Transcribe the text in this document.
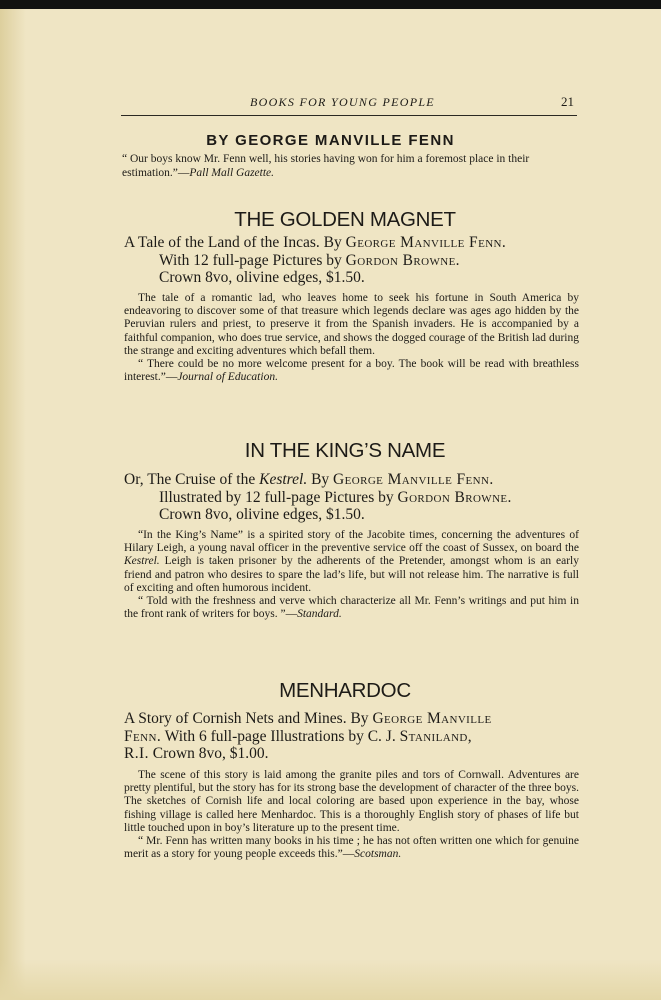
BOOKS FOR YOUNG PEOPLE	21
BY GEORGE MANVILLE FENN
“ Our boys know Mr. Fenn well, his stories having won for him a foremost place in their estimation.”—Pall Mall Gazette.
THE GOLDEN MAGNET

A Tale of the Land of the Incas. By George Manville Fenn.

With 12 full-page Pictures by Gordon Browne.

Crown 8vo, olivine edges, $1.50.

The tale of a romantic lad, who leaves home to seek his fortune in South America by endeavoring to discover some of that treasure which legends declare was ages ago hidden by the Peruvian rulers and priest, to preserve it from the Spanish invaders. He is accompanied by a faithful companion, who does true service, and shows the dogged courage of the British lad during the strange and exciting adventures which befall them.

“ There could be no more welcome present for a boy. The book will be read with breathless interest.”—Journal of Education.

IN THE KING’S NAME

Or, The Cruise of the Kestrel. By George Manville Fenn.

Illustrated by 12 full-page Pictures by Gordon Browne.

Crown 8vo, olivine edges, $1.50.

“In the King’s Name” is a spirited story of the Jacobite times, concerning the adventures of Hilary Leigh, a young naval officer in the preventive service off the coast of Sussex, on board the Kestrel. Leigh is taken prisoner by the adherents of the Pretender, amongst whom is an early friend and patron who desires to spare the lad’s life, but will not release him. The narrative is full of exciting and often humorous incident.

“ Told with the freshness and verve which characterize all Mr. Fenn’s writings and put him in the front rank of writers for boys. ”—Standard.

MENHARDOC

A Story of Cornish Nets and Mines. By George Manville

Fenn. With 6 full-page Illustrations by C. J. Staniland,

R.I. Crown 8vo, $1.00.

The scene of this story is laid among the granite piles and tors of Cornwall. Adventures are pretty plentiful, but the story has for its strong base the development of character of the three boys. The sketches of Cornish life and local coloring are based upon experience in the bay, whose fishing village is called here Menhardoc. This is a thoroughly English story of phases of life but little touched upon in boy’s literature up to the present time.

“ Mr. Fenn has written many books in his time ; he has not often written one which for genuine merit as a story for young people exceeds this.”—Scotsman.
